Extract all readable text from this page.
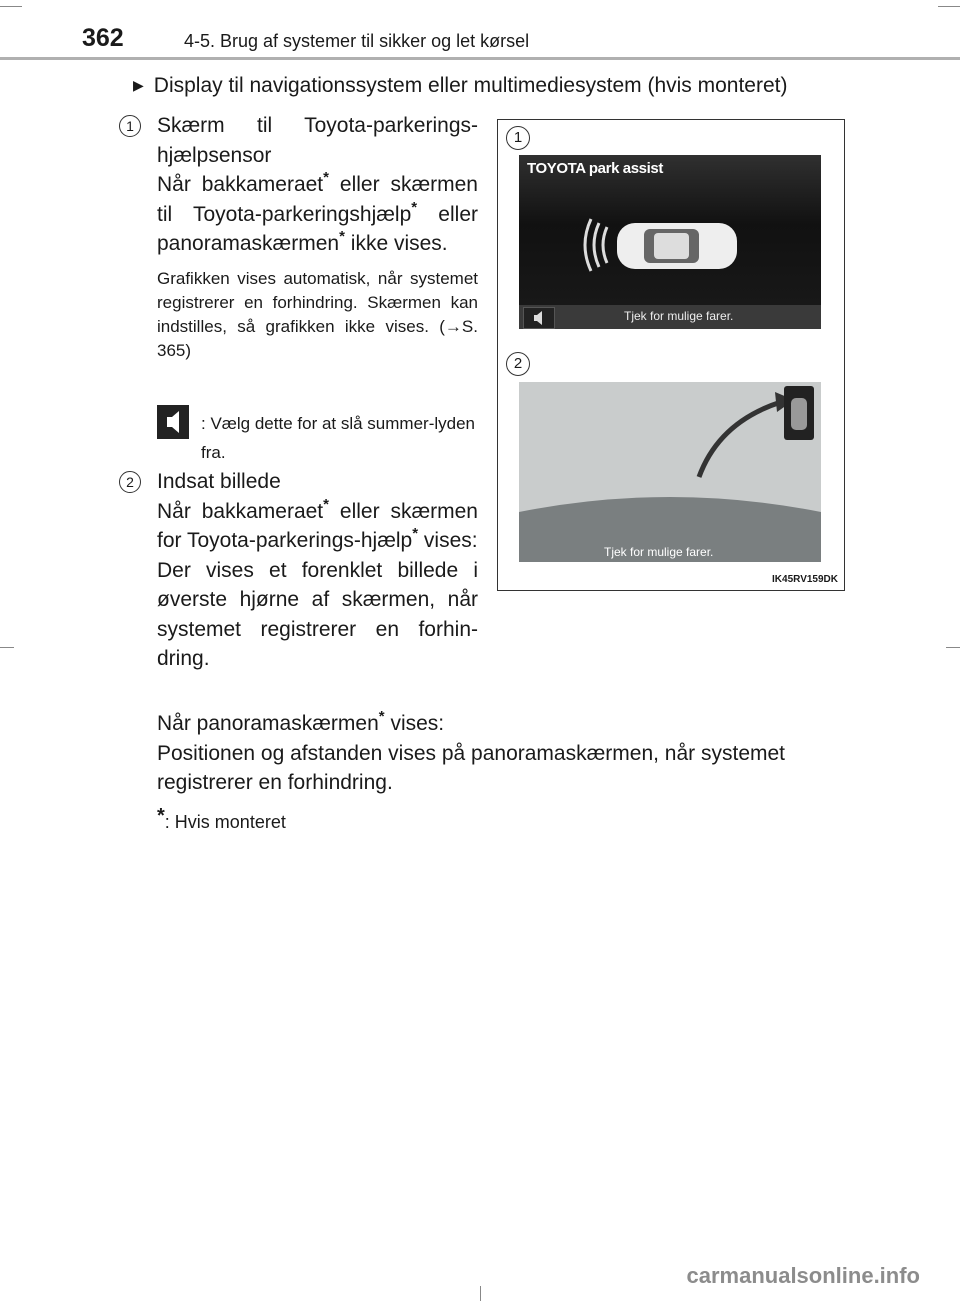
362	4-5. Brug af systemer til sikker og let kørsel
▶ Display til navigationssystem eller multimediesystem (hvis monteret)
1	Skærm til Toyota-parkerings-hjælpsensor
Når bakkameraet* eller skærmen til Toyota-parkeringshjælp* eller panoramaskærmen* ikke vises.
Grafikken vises automatisk, når systemet registrerer en forhindring. Skærmen kan indstilles, så grafikken ikke vises. (→S. 365)
: Vælg dette for at slå summer-lyden fra.
2	Indsat billede
Når bakkameraet* eller skærmen for Toyota-parkerings-hjælp* vises:
Der vises et forenklet billede i øverste hjørne af skærmen, når systemet registrerer en forhin-dring.
Når panoramaskærmen* vises:
Positionen og afstanden vises på panoramaskærmen, når systemet registrerer en forhindring.
*: Hvis monteret
1
TOYOTA park assist
Tjek for mulige farer.
2
Tjek for mulige farer.
IK45RV159DK
carmanualsonline.info
